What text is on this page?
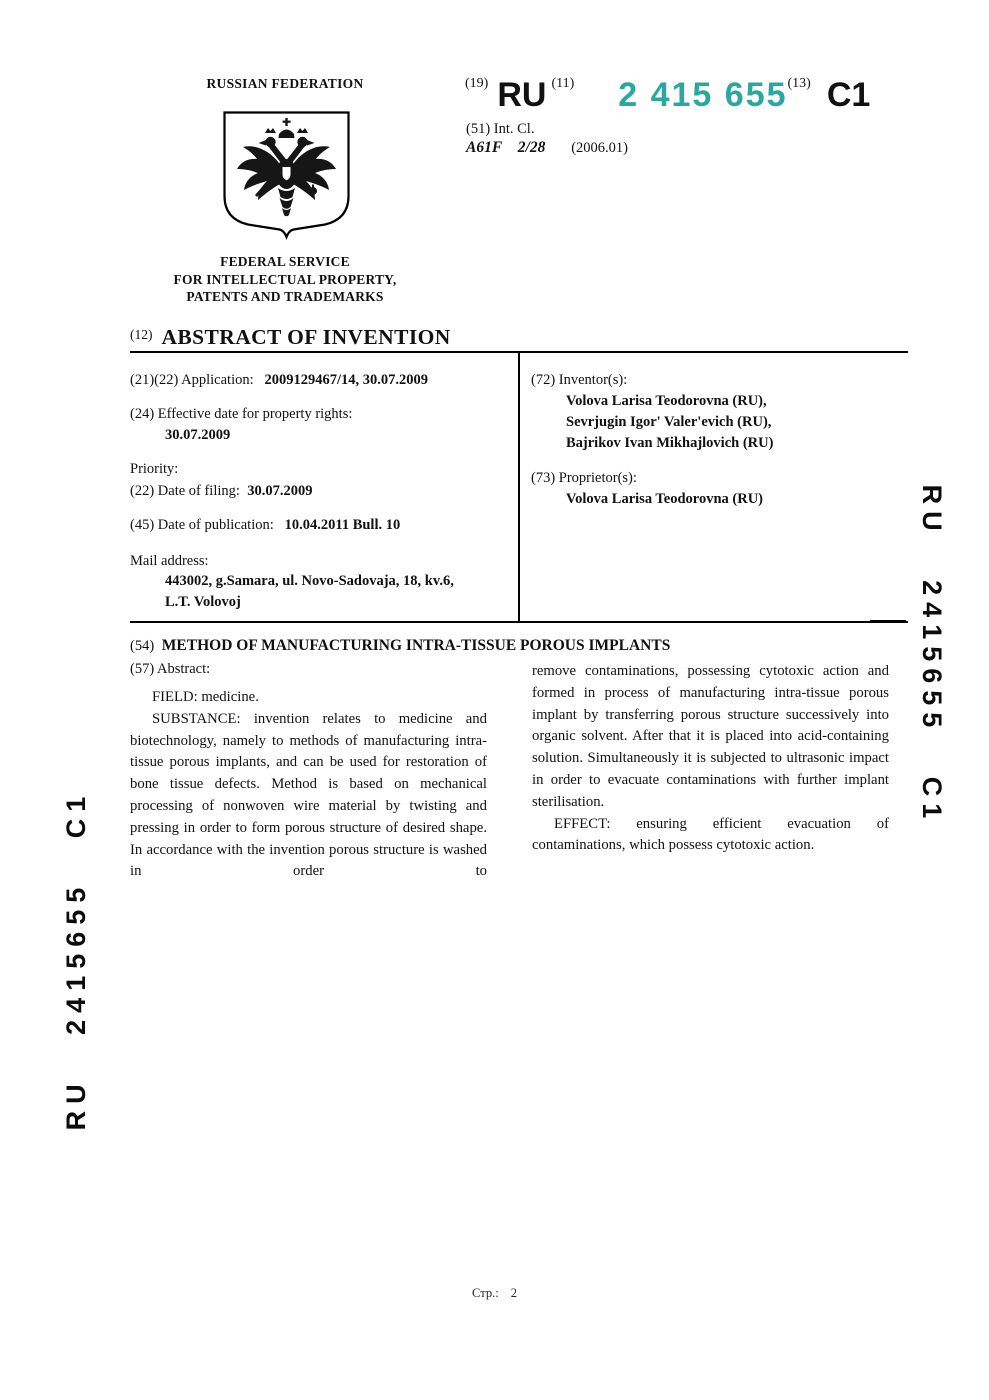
RUSSIAN FEDERATION
FEDERAL SERVICE
FOR INTELLECTUAL PROPERTY,
PATENTS AND TRADEMARKS
(19) RU (11) 2 415 655 (13) C1
(51) Int. Cl.
A61F 2/28 (2006.01)
$^{(12)}$ ABSTRACT OF INVENTION
(21)(22) Application: 2009129467/14, 30.07.2009
(24) Effective date for property rights:
30.07.2009
Priority:
(22) Date of filing: 30.07.2009
(45) Date of publication: 10.04.2011 Bull. 10
Mail address:
443002, g.Samara, ul. Novo-Sadovaja, 18, kv.6,
L.T. Volovoj
(72) Inventor(s):
Volova Larisa Teodorovna (RU),
Sevrjugin Igor' Valer'evich (RU),
Bajrikov Ivan Mikhajlovich (RU)
(73) Proprietor(s):
Volova Larisa Teodorovna (RU)
(54) METHOD OF MANUFACTURING INTRA-TISSUE POROUS IMPLANTS
(57) Abstract:

FIELD: medicine.

SUBSTANCE: invention relates to medicine and biotechnology, namely to methods of manufacturing intra-tissue porous implants, and can be used for restoration of bone tissue defects. Method is based on mechanical processing of nonwoven wire material by twisting and pressing in order to form porous structure of desired shape. In accordance with the invention porous structure is washed in order to

remove contaminations, possessing cytotoxic action and formed in process of manufacturing intra-tissue porous implant by transferring porous structure successively into organic solvent. After that it is placed into acid-containing solution. Simultaneously it is subjected to ultrasonic impact in order to evacuate contaminations with further implant sterilisation.

EFFECT: ensuring efficient evacuation of contaminations, which possess cytotoxic action.

RU 2415655 C1
RU 2415655 C1
Стр.: 2
